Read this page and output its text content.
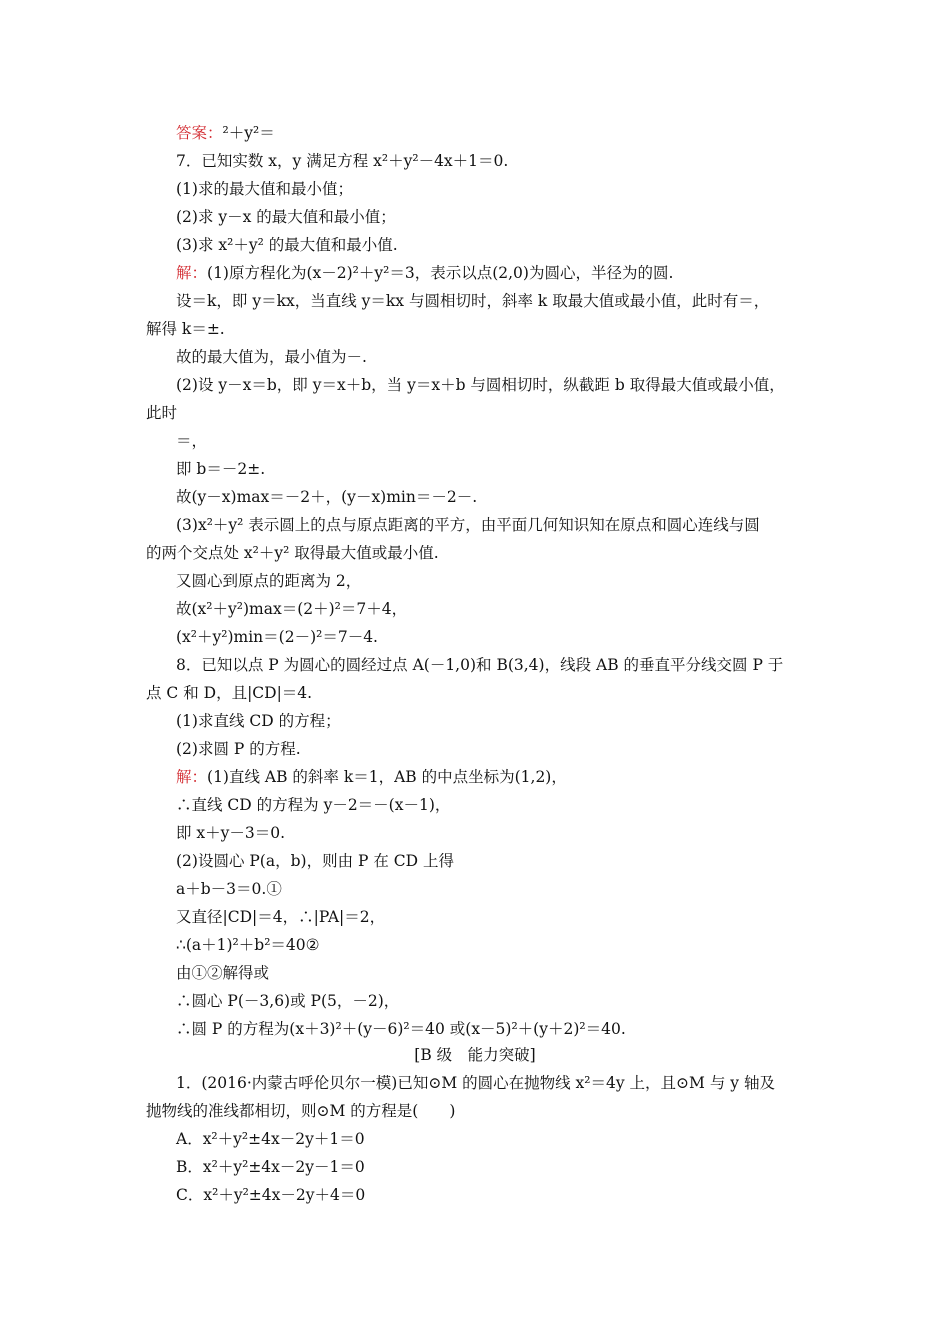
答案：²＋y²＝
7．已知实数 x，y 满足方程 x²＋y²－4x＋1＝0.
(1)求的最大值和最小值；
(2)求 y－x 的最大值和最小值；
(3)求 x²＋y² 的最大值和最小值.
解：(1)原方程化为(x－2)²＋y²＝3，表示以点(2,0)为圆心，半径为的圆.
设＝k，即 y＝kx，当直线 y＝kx 与圆相切时，斜率 k 取最大值或最小值，此时有＝，
解得 k＝±.
故的最大值为，最小值为－.
(2)设 y－x＝b，即 y＝x＋b，当 y＝x＋b 与圆相切时，纵截距 b 取得最大值或最小值，
此时
＝，
即 b＝－2±.
故(y－x)max＝－2＋，(y－x)min＝－2－.
(3)x²＋y² 表示圆上的点与原点距离的平方，由平面几何知识知在原点和圆心连线与圆
的两个交点处 x²＋y² 取得最大值或最小值.
又圆心到原点的距离为 2，
故(x²＋y²)max＝(2＋)²＝7＋4，
(x²＋y²)min＝(2－)²＝7－4.
8．已知以点 P 为圆心的圆经过点 A(－1,0)和 B(3,4)，线段 AB 的垂直平分线交圆 P 于
点 C 和 D，且|CD|＝4.
(1)求直线 CD 的方程；
(2)求圆 P 的方程.
解：(1)直线 AB 的斜率 k＝1，AB 的中点坐标为(1,2)，
∴直线 CD 的方程为 y－2＝－(x－1)，
即 x＋y－3＝0.
(2)设圆心 P(a，b)，则由 P 在 CD 上得
a＋b－3＝0.①
又直径|CD|＝4，∴|PA|＝2，
∴(a＋1)²＋b²＝40②
由①②解得或
∴圆心 P(－3,6)或 P(5，－2)，
∴圆 P 的方程为(x＋3)²＋(y－6)²＝40 或(x－5)²＋(y＋2)²＝40.
[B 级　能力突破]
1．(2016·内蒙古呼伦贝尔一模)已知⊙M 的圆心在抛物线 x²＝4y 上，且⊙M 与 y 轴及
抛物线的准线都相切，则⊙M 的方程是(　　)
A．x²＋y²±4x－2y＋1＝0
B．x²＋y²±4x－2y－1＝0
C．x²＋y²±4x－2y＋4＝0
